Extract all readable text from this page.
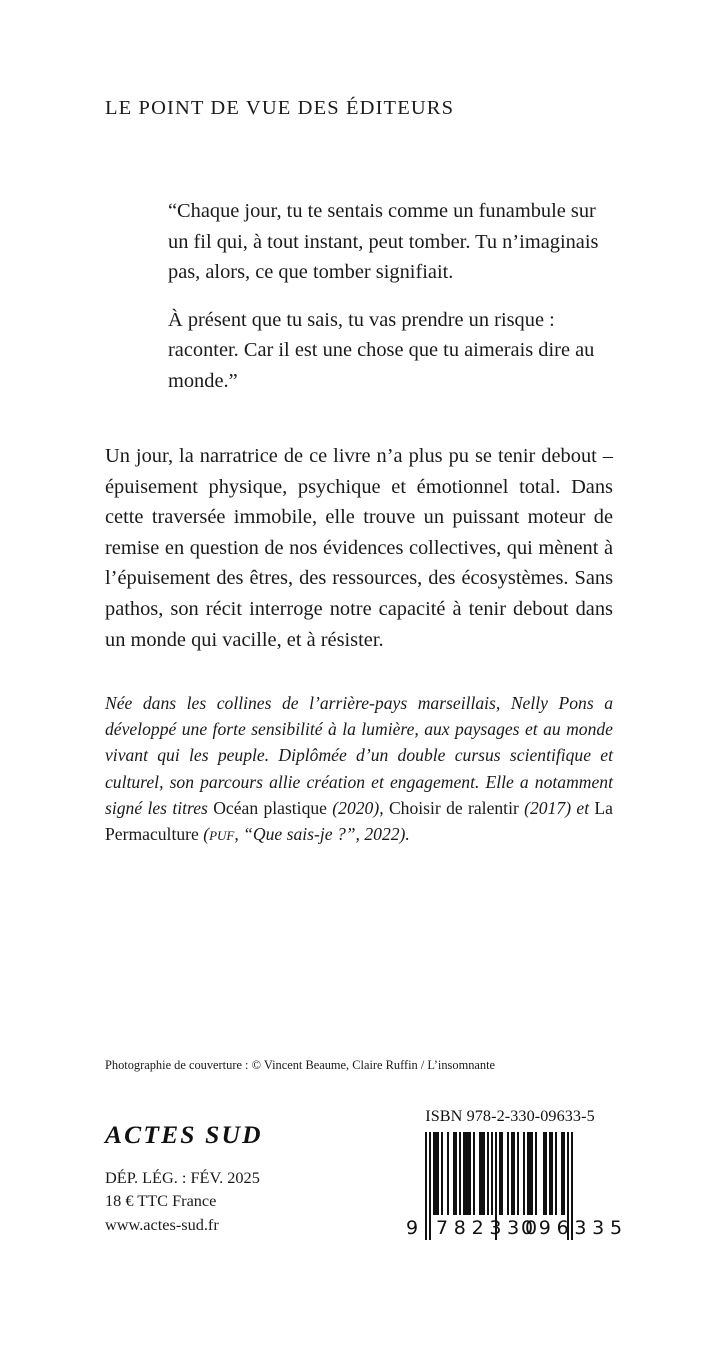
LE POINT DE VUE DES ÉDITEURS

“Chaque jour, tu te sentais comme un funambule sur un fil qui, à tout instant, peut tomber. Tu n’imaginais pas, alors, ce que tomber signifiait.

À présent que tu sais, tu vas prendre un risque : raconter. Car il est une chose que tu aimerais dire au monde.”

Un jour, la narratrice de ce livre n’a plus pu se tenir debout – épuisement physique, psychique et émotionnel total. Dans cette traversée immobile, elle trouve un puissant moteur de remise en question de nos évidences collectives, qui mènent à l’épuisement des êtres, des ressources, des écosystèmes. Sans pathos, son récit interroge notre capacité à tenir debout dans un monde qui vacille, et à résister.

Née dans les collines de l’arrière-pays marseillais, Nelly Pons a développé une forte sensibilité à la lumière, aux paysages et au monde vivant qui les peuple. Diplômée d’un double cursus scientifique et culturel, son parcours allie création et engagement. Elle a notamment signé les titres Océan plastique (2020), Choisir de ralentir (2017) et La Permaculture (puf, “Que sais-je ?”, 2022).

Photographie de couverture : © Vincent Beaume, Claire Ruffin / L’insomnante
ACTES SUD
DÉP. LÉG. : FÉV. 2025
18 € TTC France
www.actes-sud.fr
ISBN 978-2-330-09633-5
9 782330
096335
